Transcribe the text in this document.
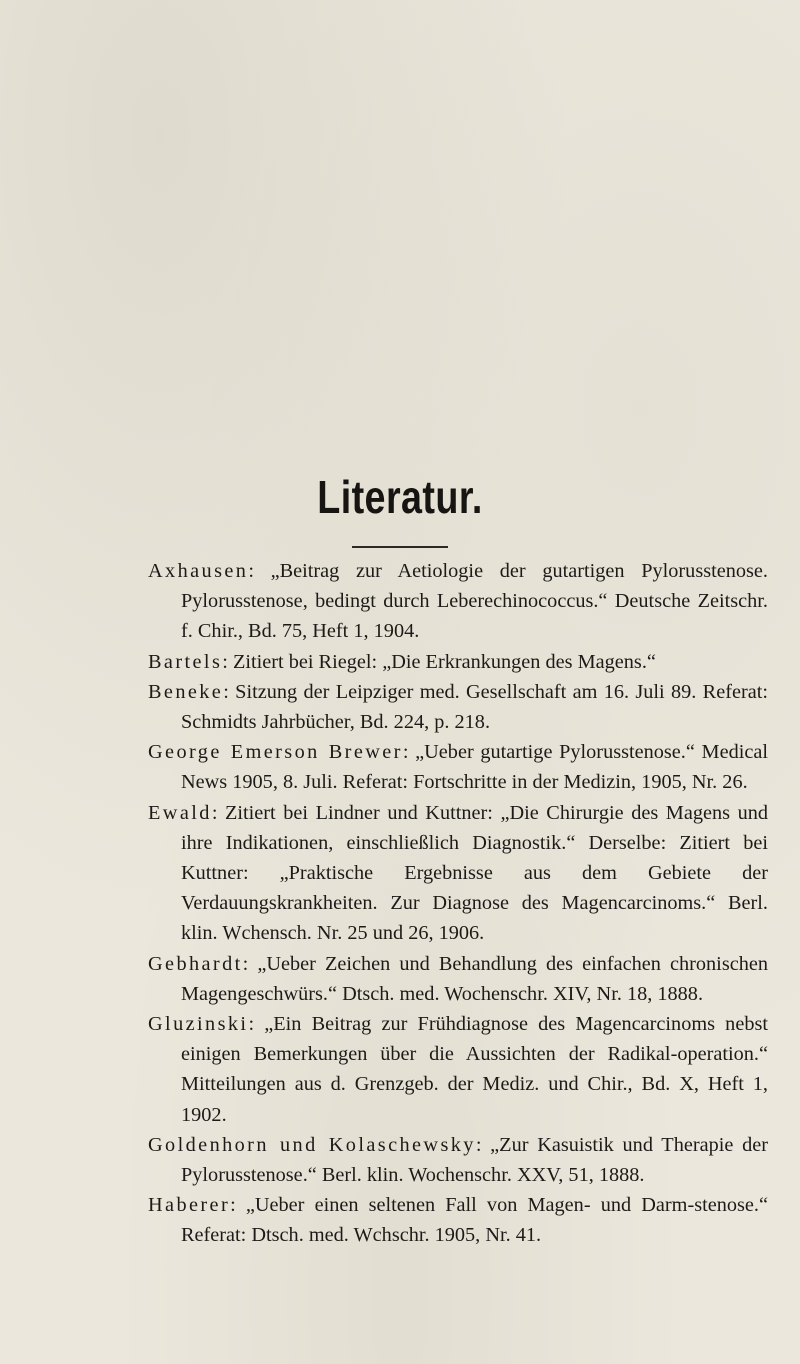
Literatur.
Axhausen: „Beitrag zur Aetiologie der gutartigen Pylorusstenose. Pylorusstenose, bedingt durch Leberechinococcus.“ Deutsche Zeitschr. f. Chir., Bd. 75, Heft 1, 1904.
Bartels: Zitiert bei Riegel: „Die Erkrankungen des Magens.“
Beneke: Sitzung der Leipziger med. Gesellschaft am 16. Juli 89. Referat: Schmidts Jahrbücher, Bd. 224, p. 218.
George Emerson Brewer: „Ueber gutartige Pylorusstenose.“ Medical News 1905, 8. Juli. Referat: Fortschritte in der Medizin, 1905, Nr. 26.
Ewald: Zitiert bei Lindner und Kuttner: „Die Chirurgie des Magens und ihre Indikationen, einschließlich Diagnostik.“ Derselbe: Zitiert bei Kuttner: „Praktische Ergebnisse aus dem Gebiete der Verdauungskrankheiten. Zur Diagnose des Magencarcinoms.“ Berl. klin. Wchensch. Nr. 25 und 26, 1906.
Gebhardt: „Ueber Zeichen und Behandlung des einfachen chronischen Magengeschwürs.“ Dtsch. med. Wochenschr. XIV, Nr. 18, 1888.
Gluzinski: „Ein Beitrag zur Frühdiagnose des Magencarcinoms nebst einigen Bemerkungen über die Aussichten der Radikal-operation.“ Mitteilungen aus d. Grenzgeb. der Mediz. und Chir., Bd. X, Heft 1, 1902.
Goldenhorn und Kolaschewsky: „Zur Kasuistik und Therapie der Pylorusstenose.“ Berl. klin. Wochenschr. XXV, 51, 1888.
Haberer: „Ueber einen seltenen Fall von Magen- und Darm-stenose.“ Referat: Dtsch. med. Wchschr. 1905, Nr. 41.
